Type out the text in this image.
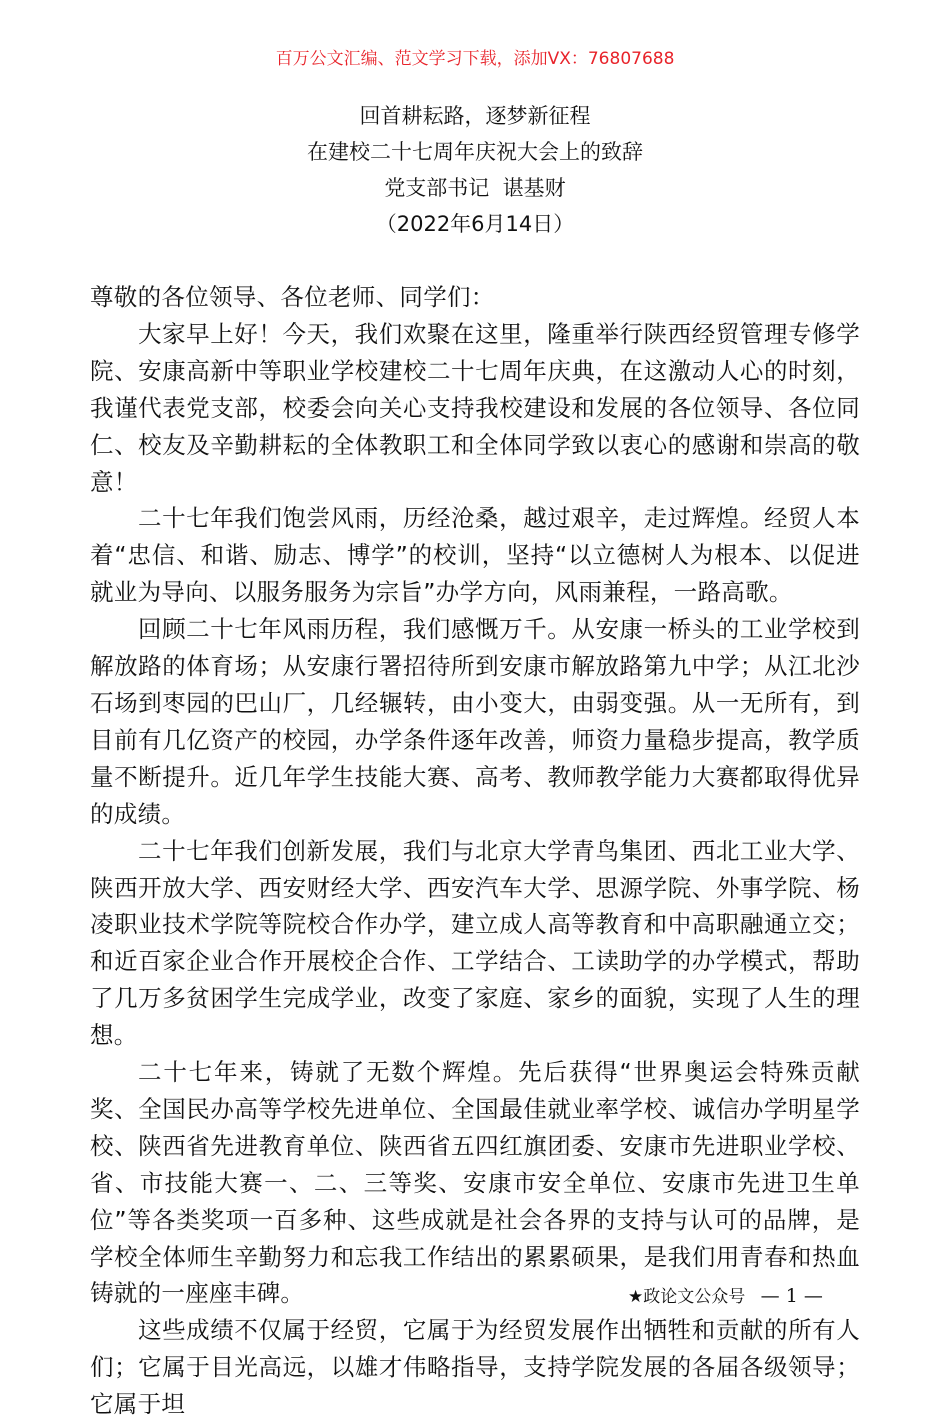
百万公文汇编、范文学习下载，添加VX：76807688
回首耕耘路，逐梦新征程
在建校二十七周年庆祝大会上的致辞
党支部书记  谌基财
（2022年6月14日）

尊敬的各位领导、各位老师、同学们：

大家早上好！今天，我们欢聚在这里，隆重举行陕西经贸管理专修学院、安康高新中等职业学校建校二十七周年庆典，在这激动人心的时刻，我谨代表党支部，校委会向关心支持我校建设和发展的各位领导、各位同仁、校友及辛勤耕耘的全体教职工和全体同学致以衷心的感谢和崇高的敬意！

二十七年我们饱尝风雨，历经沧桑，越过艰辛，走过辉煌。经贸人本着“忠信、和谐、励志、博学”的校训，坚持“以立德树人为根本、以促进就业为导向、以服务服务为宗旨”办学方向，风雨兼程，一路高歌。

回顾二十七年风雨历程，我们感慨万千。从安康一桥头的工业学校到解放路的体育场；从安康行署招待所到安康市解放路第九中学；从江北沙石场到枣园的巴山厂，几经辗转，由小变大，由弱变强。从一无所有，到目前有几亿资产的校园，办学条件逐年改善，师资力量稳步提高，教学质量不断提升。近几年学生技能大赛、高考、教师教学能力大赛都取得优异的成绩。

二十七年我们创新发展，我们与北京大学青鸟集团、西北工业大学、陕西开放大学、西安财经大学、西安汽车大学、思源学院、外事学院、杨凌职业技术学院等院校合作办学，建立成人高等教育和中高职融通立交；和近百家企业合作开展校企合作、工学结合、工读助学的办学模式，帮助了几万多贫困学生完成学业，改变了家庭、家乡的面貌，实现了人生的理想。

二十七年来，铸就了无数个辉煌。先后获得“世界奥运会特殊贡献奖、全国民办高等学校先进单位、全国最佳就业率学校、诚信办学明星学校、陕西省先进教育单位、陕西省五四红旗团委、安康市先进职业学校、省、市技能大赛一、二、三等奖、安康市安全单位、安康市先进卫生单位”等各类奖项一百多种、这些成就是社会各界的支持与认可的品牌，是学校全体师生辛勤努力和忘我工作结出的累累硕果，是我们用青春和热血铸就的一座座丰碑。

这些成绩不仅属于经贸，它属于为经贸发展作出牺牲和贡献的所有人们；它属于目光高远，以雄才伟略指导，支持学院发展的各届各级领导；它属于坦

★政论文公众号 — 1 —
